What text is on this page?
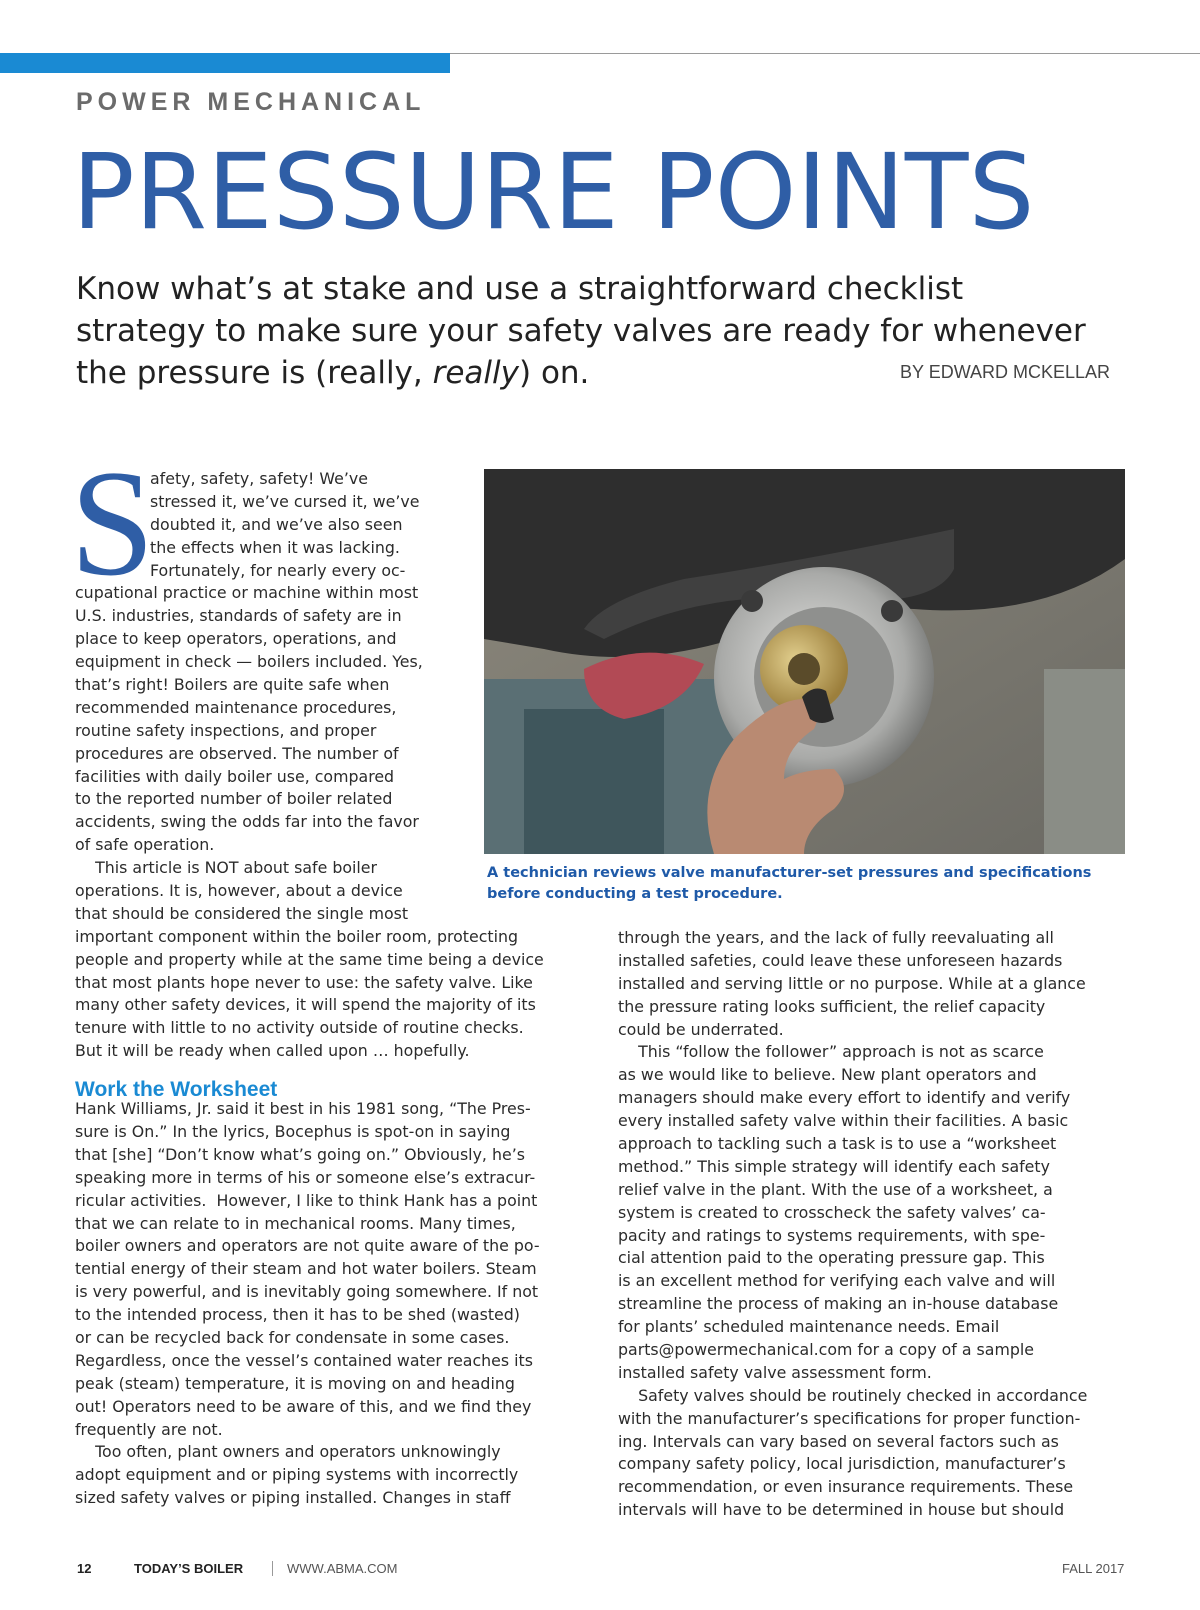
POWER MECHANICAL
PRESSURE POINTS
Know what’s at stake and use a straightforward checklist strategy to make sure your safety valves are ready for whenever the pressure is (really, really) on.	BY EDWARD MCKELLAR
A technician reviews valve manufacturer-set pressures and specifications before conducting a test procedure.
S
afety, safety, safety! We’ve
stressed it, we’ve cursed it, we’ve
doubted it, and we’ve also seen
the effects when it was lacking.
Fortunately, for nearly every oc-
cupational practice or machine within most
U.S. industries, standards of safety are in
place to keep operators, operations, and
equipment in check — boilers included. Yes,
that’s right! Boilers are quite safe when
recommended maintenance procedures,
routine safety inspections, and proper
procedures are observed. The number of
facilities with daily boiler use, compared
to the reported number of boiler related
accidents, swing the odds far into the favor
of safe operation.
This article is NOT about safe boiler
operations. It is, however, about a device
that should be considered the single most
important component within the boiler room, protecting
people and property while at the same time being a device
that most plants hope never to use: the safety valve. Like
many other safety devices, it will spend the majority of its
tenure with little to no activity outside of routine checks.
But it will be ready when called upon … hopefully.
Work the Worksheet
Hank Williams, Jr. said it best in his 1981 song, “The Pres-
sure is On.” In the lyrics, Bocephus is spot-on in saying
that [she] “Don’t know what’s going on.” Obviously, he’s
speaking more in terms of his or someone else’s extracur-
ricular activities.  However, I like to think Hank has a point
that we can relate to in mechanical rooms. Many times,
boiler owners and operators are not quite aware of the po-
tential energy of their steam and hot water boilers. Steam
is very powerful, and is inevitably going somewhere. If not
to the intended process, then it has to be shed (wasted)
or can be recycled back for condensate in some cases.
Regardless, once the vessel’s contained water reaches its
peak (steam) temperature, it is moving on and heading
out! Operators need to be aware of this, and we find they
frequently are not.
Too often, plant owners and operators unknowingly
adopt equipment and or piping systems with incorrectly
sized safety valves or piping installed. Changes in staff
through the years, and the lack of fully reevaluating all
installed safeties, could leave these unforeseen hazards
installed and serving little or no purpose. While at a glance
the pressure rating looks sufficient, the relief capacity
could be underrated.
This “follow the follower” approach is not as scarce
as we would like to believe. New plant operators and
managers should make every effort to identify and verify
every installed safety valve within their facilities. A basic
approach to tackling such a task is to use a “worksheet
method.” This simple strategy will identify each safety
relief valve in the plant. With the use of a worksheet, a
system is created to crosscheck the safety valves’ ca-
pacity and ratings to systems requirements, with spe-
cial attention paid to the operating pressure gap. This
is an excellent method for verifying each valve and will
streamline the process of making an in-house database
for plants’ scheduled maintenance needs. Email
parts@powermechanical.com for a copy of a sample
installed safety valve assessment form.
Safety valves should be routinely checked in accordance
with the manufacturer’s specifications for proper function-
ing. Intervals can vary based on several factors such as
company safety policy, local jurisdiction, manufacturer’s
recommendation, or even insurance requirements. These
intervals will have to be determined in house but should
12	TODAY’S BOILER	WWW.ABMA.COM	FALL 2017
